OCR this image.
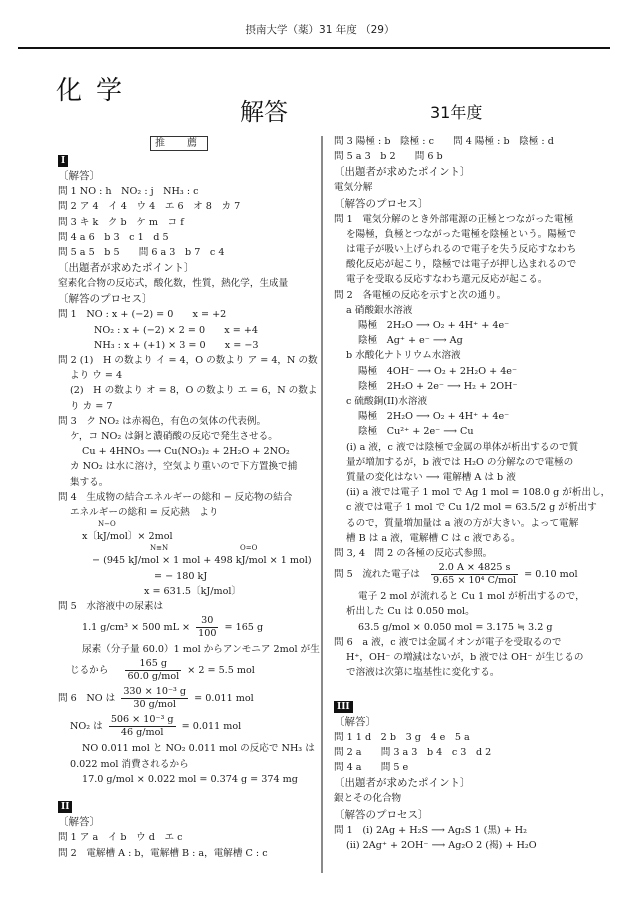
摂南大学（薬）31 年度 （29）
化学
解答	31年度
推　薦
I
〔解答〕
問 1 NO : h　NO₂ : j　NH₃ : c
問 2 ア 4　イ 4　ウ 4　エ 6　オ 8　カ 7
問 3 キ k　ク b　ケ m　コ f
問 4 a 6　b 3　c 1　d 5
問 5 a 5　b 5　　問 6 a 3　b 7　c 4
〔出題者が求めたポイント〕
窒素化合物の反応式，酸化数，性質，熱化学，生成量
〔解答のプロセス〕
問 1　NO : x + (−2) = 0　　x = +2
NO₂ : x + (−2) × 2 = 0　　x = +4
NH₃ : x + (+1) × 3 = 0　　x = −3
問 2 (1)　H の数より イ = 4，O の数より ア = 4，N の数
より ウ = 4
(2)　H の数より オ = 8，O の数より エ = 6，N の数よ
り カ = 7
問 3　ク NO₂ は赤褐色，有色の気体の代表例。
ケ，コ NO₂ は銅と濃硝酸の反応で発生させる。
Cu + 4HNO₃ ⟶ Cu(NO₃)₂ + 2H₂O + 2NO₂
カ NO₂ は水に溶け，空気より重いので下方置換で捕
集する。
問 4　生成物の結合エネルギーの総和 − 反応物の結合
エネルギーの総和 = 反応熱　より
N−O
x〔kJ/mol〕× 2mol
N≡N	O=O
− (945 kJ/mol × 1 mol + 498 kJ/mol × 1 mol)
= − 180 kJ
x = 631.5〔kJ/mol〕
問 5　水溶液中の尿素は
1.1 g/cm³ × 500 mL × $\frac{30}{100} = 165$ g
尿素（分子量 60.0）1 mol からアンモニア 2mol が生
じるから $\frac{165 g}{\text{60.0 g/mol}} \times 2 = 5.5$ mol
問 6　NO は $\frac{\text{330 × 10⁻³ g}}{\text{30 g/mol}} = 0.011$ mol
NO₂ は $\frac{\text{506 × 10⁻³ g}}{\text{46 g/mol}} = 0.011$ mol
NO 0.011 mol と NO₂ 0.011 mol の反応で NH₃ は
0.022 mol 消費されるから
17.0 g/mol × 0.022 mol = 0.374 g = 374 mg
II
〔解答〕
問 1 ア a　イ b　ウ d　エ c
問 2　電解槽 A : b，電解槽 B : a，電解槽 C : c
問 3 陽極 : b　陰極 : c　　問 4 陽極 : b　陰極 : d
問 5 a 3　b 2　　問 6 b
〔出題者が求めたポイント〕
電気分解
〔解答のプロセス〕
問 1　電気分解のとき外部電源の正極とつながった電極
を陽極，負極とつながった電極を陰極という。陽極で
は電子が吸い上げられるので電子を失う反応すなわち
酸化反応が起こり，陰極では電子が押し込まれるので
電子を受取る反応すなわち還元反応が起こる。
問 2　各電極の反応を示すと次の通り。
a 硝酸銀水溶液
陽極　2H₂O ⟶ O₂ + 4H⁺ + 4e⁻
陰極　Ag⁺ + e⁻ ⟶ Ag
b 水酸化ナトリウム水溶液
陽極　4OH⁻ ⟶ O₂ + 2H₂O + 4e⁻
陰極　2H₂O + 2e⁻ ⟶ H₂ + 2OH⁻
c 硫酸銅(II)水溶液
陽極　2H₂O ⟶ O₂ + 4H⁺ + 4e⁻
陰極　Cu²⁺ + 2e⁻ ⟶ Cu
(i) a 液，c 液では陰極で金属の単体が析出するので質
量が増加するが，b 液では H₂O の分解なので電極の
質量の変化はない ⟶ 電解槽 A は b 液
(ii) a 液では電子 1 mol で Ag 1 mol = 108.0 g が析出し，
c 液では電子 1 mol で Cu 1/2 mol = 63.5/2 g が析出す
るので，質量増加量は a 液の方が大きい。よって電解
槽 B は a 液，電解槽 C は c 液である。
問 3, 4　問 2 の各極の反応式参照。
問 5　流れた電子は $\frac{2.0 A \times 4825 s}{\text{9.65 × 10⁴ C/mol}} = 0.10$ mol
電子 2 mol が流れると Cu 1 mol が析出するので，
析出した Cu は 0.050 mol。
63.5 g/mol × 0.050 mol = 3.175 ≒ 3.2 g
問 6　a 液，c 液では金属イオンが電子を受取るので
H⁺，OH⁻ の増減はないが，b 液では OH⁻ が生じるの
で溶液は次第に塩基性に変化する。
III
〔解答〕
問 1 1 d　2 b　3 g　4 e　5 a
問 2 a　　問 3 a 3　b 4　c 3　d 2
問 4 a　　問 5 e
〔出題者が求めたポイント〕
銀とその化合物
〔解答のプロセス〕
問 1　(i) 2Ag + H₂S ⟶ Ag₂S 1 (黒) + H₂
(ii) 2Ag⁺ + 2OH⁻ ⟶ Ag₂O 2 (褐) + H₂O
